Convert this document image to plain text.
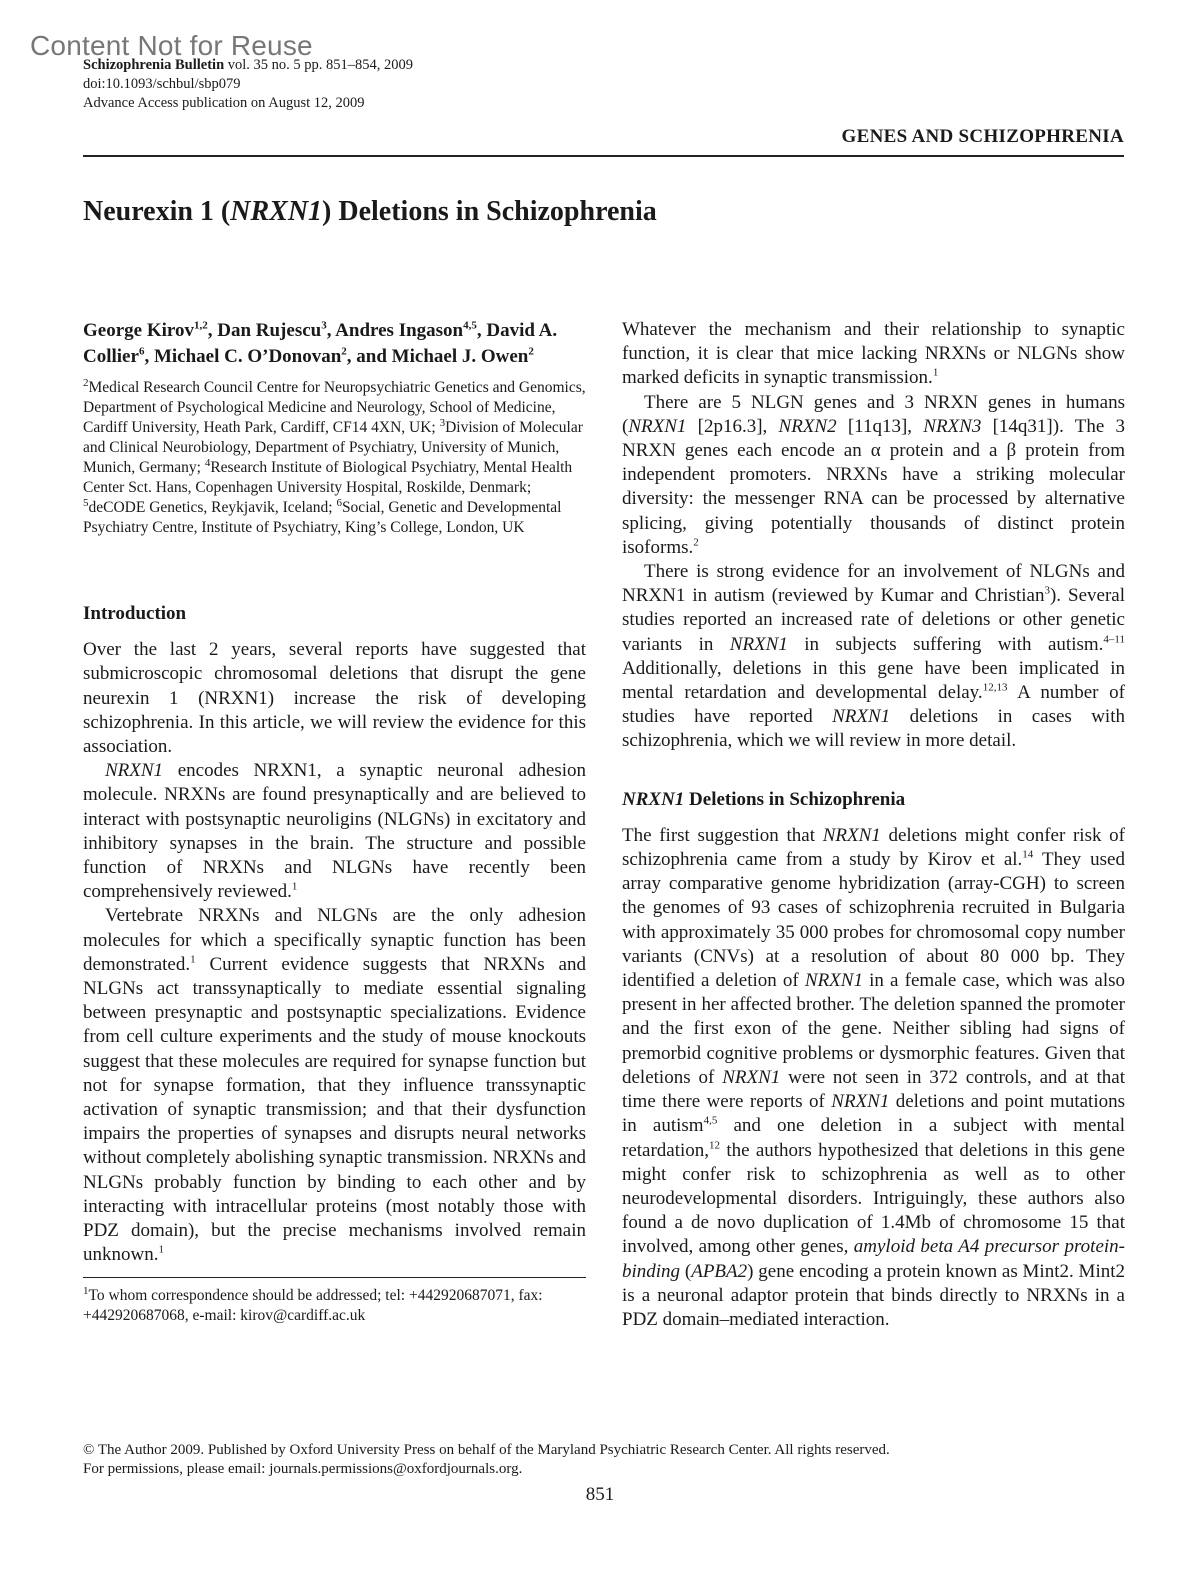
Content Not for Reuse
Schizophrenia Bulletin vol. 35 no. 5 pp. 851–854, 2009
doi:10.1093/schbul/sbp079
Advance Access publication on August 12, 2009
GENES AND SCHIZOPHRENIA
Neurexin 1 (NRXN1) Deletions in Schizophrenia

George Kirov$^{1,2}$, Dan Rujescu$^3$, Andres Ingason$^{4,5}$, David A. Collier$^6$, Michael C. O’Donovan$^2$, and Michael J. Owen$^2$

$^2$Medical Research Council Centre for Neuropsychiatric Genetics and Genomics, Department of Psychological Medicine and Neurology, School of Medicine, Cardiff University, Heath Park, Cardiff, CF14 4XN, UK; $^3$Division of Molecular and Clinical Neurobiology, Department of Psychiatry, University of Munich, Munich, Germany; $^4$Research Institute of Biological Psychiatry, Mental Health Center Sct. Hans, Copenhagen University Hospital, Roskilde, Denmark; $^5$deCODE Genetics, Reykjavik, Iceland; $^6$Social, Genetic and Developmental Psychiatry Centre, Institute of Psychiatry, King’s College, London, UK

Introduction

Over the last 2 years, several reports have suggested that submicroscopic chromosomal deletions that disrupt the gene neurexin 1 (NRXN1) increase the risk of developing schizophrenia. In this article, we will review the evidence for this association.

NRXN1 encodes NRXN1, a synaptic neuronal adhesion molecule. NRXNs are found presynaptically and are believed to interact with postsynaptic neuroligins (NLGNs) in excitatory and inhibitory synapses in the brain. The structure and possible function of NRXNs and NLGNs have recently been comprehensively reviewed.$^1$

Vertebrate NRXNs and NLGNs are the only adhesion molecules for which a specifically synaptic function has been demonstrated.$^1$ Current evidence suggests that NRXNs and NLGNs act transsynaptically to mediate essential signaling between presynaptic and postsynaptic specializations. Evidence from cell culture experiments and the study of mouse knockouts suggest that these molecules are required for synapse function but not for synapse formation, that they influence transsynaptic activation of synaptic transmission; and that their dysfunction impairs the properties of synapses and disrupts neural networks without completely abolishing synaptic transmission. NRXNs and NLGNs probably function by binding to each other and by interacting with intracellular proteins (most notably those with PDZ domain), but the precise mechanisms involved remain unknown.$^1$

$^1$To whom correspondence should be addressed; tel: +442920687071, fax: +442920687068, e-mail: kirov@cardiff.ac.uk

Whatever the mechanism and their relationship to synaptic function, it is clear that mice lacking NRXNs or NLGNs show marked deficits in synaptic transmission.$^1$

There are 5 NLGN genes and 3 NRXN genes in humans (NRXN1 [2p16.3], NRXN2 [11q13], NRXN3 [14q31]). The 3 NRXN genes each encode an α protein and a β protein from independent promoters. NRXNs have a striking molecular diversity: the messenger RNA can be processed by alternative splicing, giving potentially thousands of distinct protein isoforms.$^2$

There is strong evidence for an involvement of NLGNs and NRXN1 in autism (reviewed by Kumar and Christian$^3$). Several studies reported an increased rate of deletions or other genetic variants in NRXN1 in subjects suffering with autism.$^{4-11}$ Additionally, deletions in this gene have been implicated in mental retardation and developmental delay.$^{12,13}$ A number of studies have reported NRXN1 deletions in cases with schizophrenia, which we will review in more detail.

NRXN1 Deletions in Schizophrenia

The first suggestion that NRXN1 deletions might confer risk of schizophrenia came from a study by Kirov et al.$^{14}$ They used array comparative genome hybridization (array-CGH) to screen the genomes of 93 cases of schizophrenia recruited in Bulgaria with approximately 35 000 probes for chromosomal copy number variants (CNVs) at a resolution of about 80 000 bp. They identified a deletion of NRXN1 in a female case, which was also present in her affected brother. The deletion spanned the promoter and the first exon of the gene. Neither sibling had signs of premorbid cognitive problems or dysmorphic features. Given that deletions of NRXN1 were not seen in 372 controls, and at that time there were reports of NRXN1 deletions and point mutations in autism$^{4,5}$ and one deletion in a subject with mental retardation,$^{12}$ the authors hypothesized that deletions in this gene might confer risk to schizophrenia as well as to other neurodevelopmental disorders. Intriguingly, these authors also found a de novo duplication of 1.4Mb of chromosome 15 that involved, among other genes, amyloid beta A4 precursor protein-binding (APBA2) gene encoding a protein known as Mint2. Mint2 is a neuronal adaptor protein that binds directly to NRXNs in a PDZ domain–mediated interaction.

© The Author 2009. Published by Oxford University Press on behalf of the Maryland Psychiatric Research Center. All rights reserved.
For permissions, please email: journals.permissions@oxfordjournals.org.
851
